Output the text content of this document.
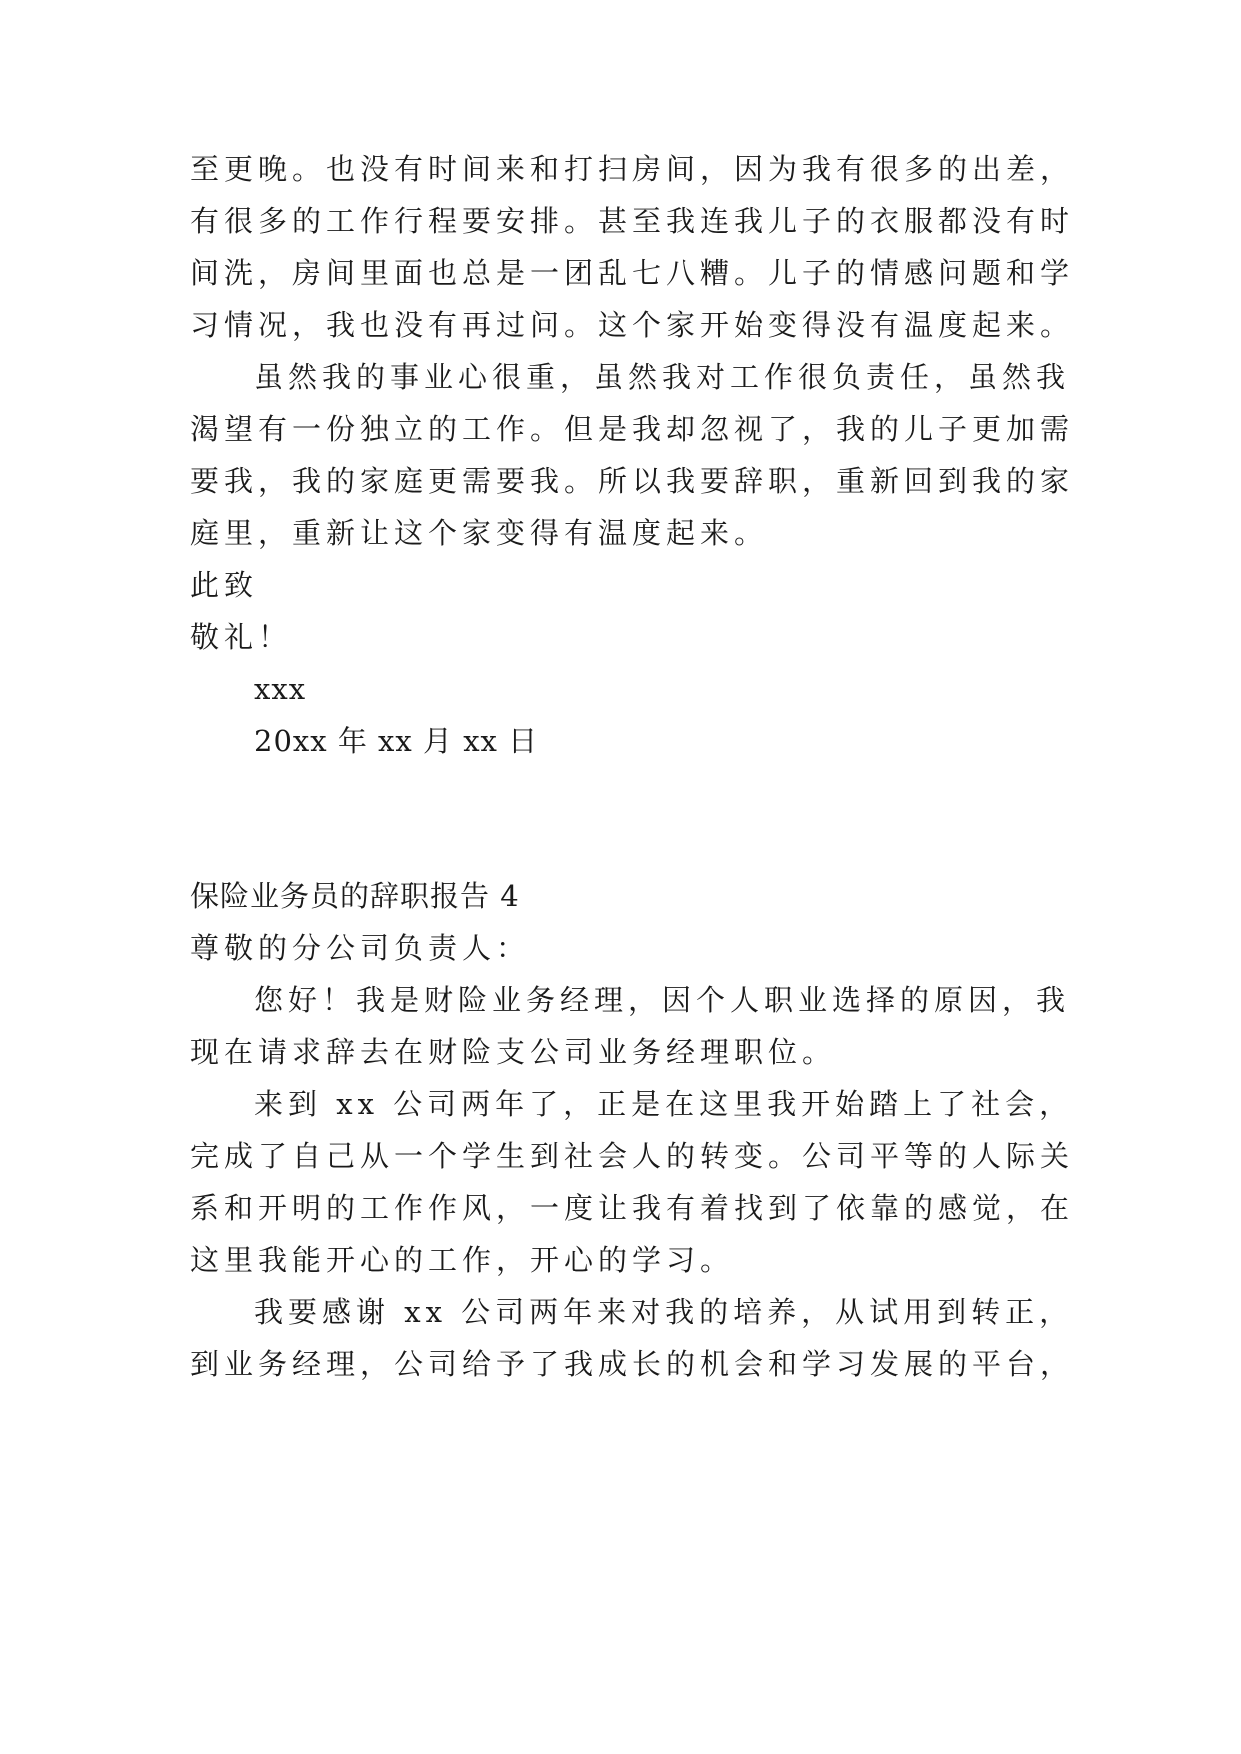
至更晚。也没有时间来和打扫房间，因为我有很多的出差，

有很多的工作行程要安排。甚至我连我儿子的衣服都没有时

间洗，房间里面也总是一团乱七八糟。儿子的情感问题和学

习情况，我也没有再过问。这个家开始变得没有温度起来。

虽然我的事业心很重，虽然我对工作很负责任，虽然我

渴望有一份独立的工作。但是我却忽视了，我的儿子更加需

要我，我的家庭更需要我。所以我要辞职，重新回到我的家

庭里，重新让这个家变得有温度起来。

此致

敬礼！

xxx

20xx 年 xx 月 xx 日

保险业务员的辞职报告 4

尊敬的分公司负责人：

您好！我是财险业务经理，因个人职业选择的原因，我

现在请求辞去在财险支公司业务经理职位。

来到 xx 公司两年了，正是在这里我开始踏上了社会，

完成了自己从一个学生到社会人的转变。公司平等的人际关

系和开明的工作作风，一度让我有着找到了依靠的感觉，在

这里我能开心的工作，开心的学习。

我要感谢 xx 公司两年来对我的培养，从试用到转正，

到业务经理，公司给予了我成长的机会和学习发展的平台，
